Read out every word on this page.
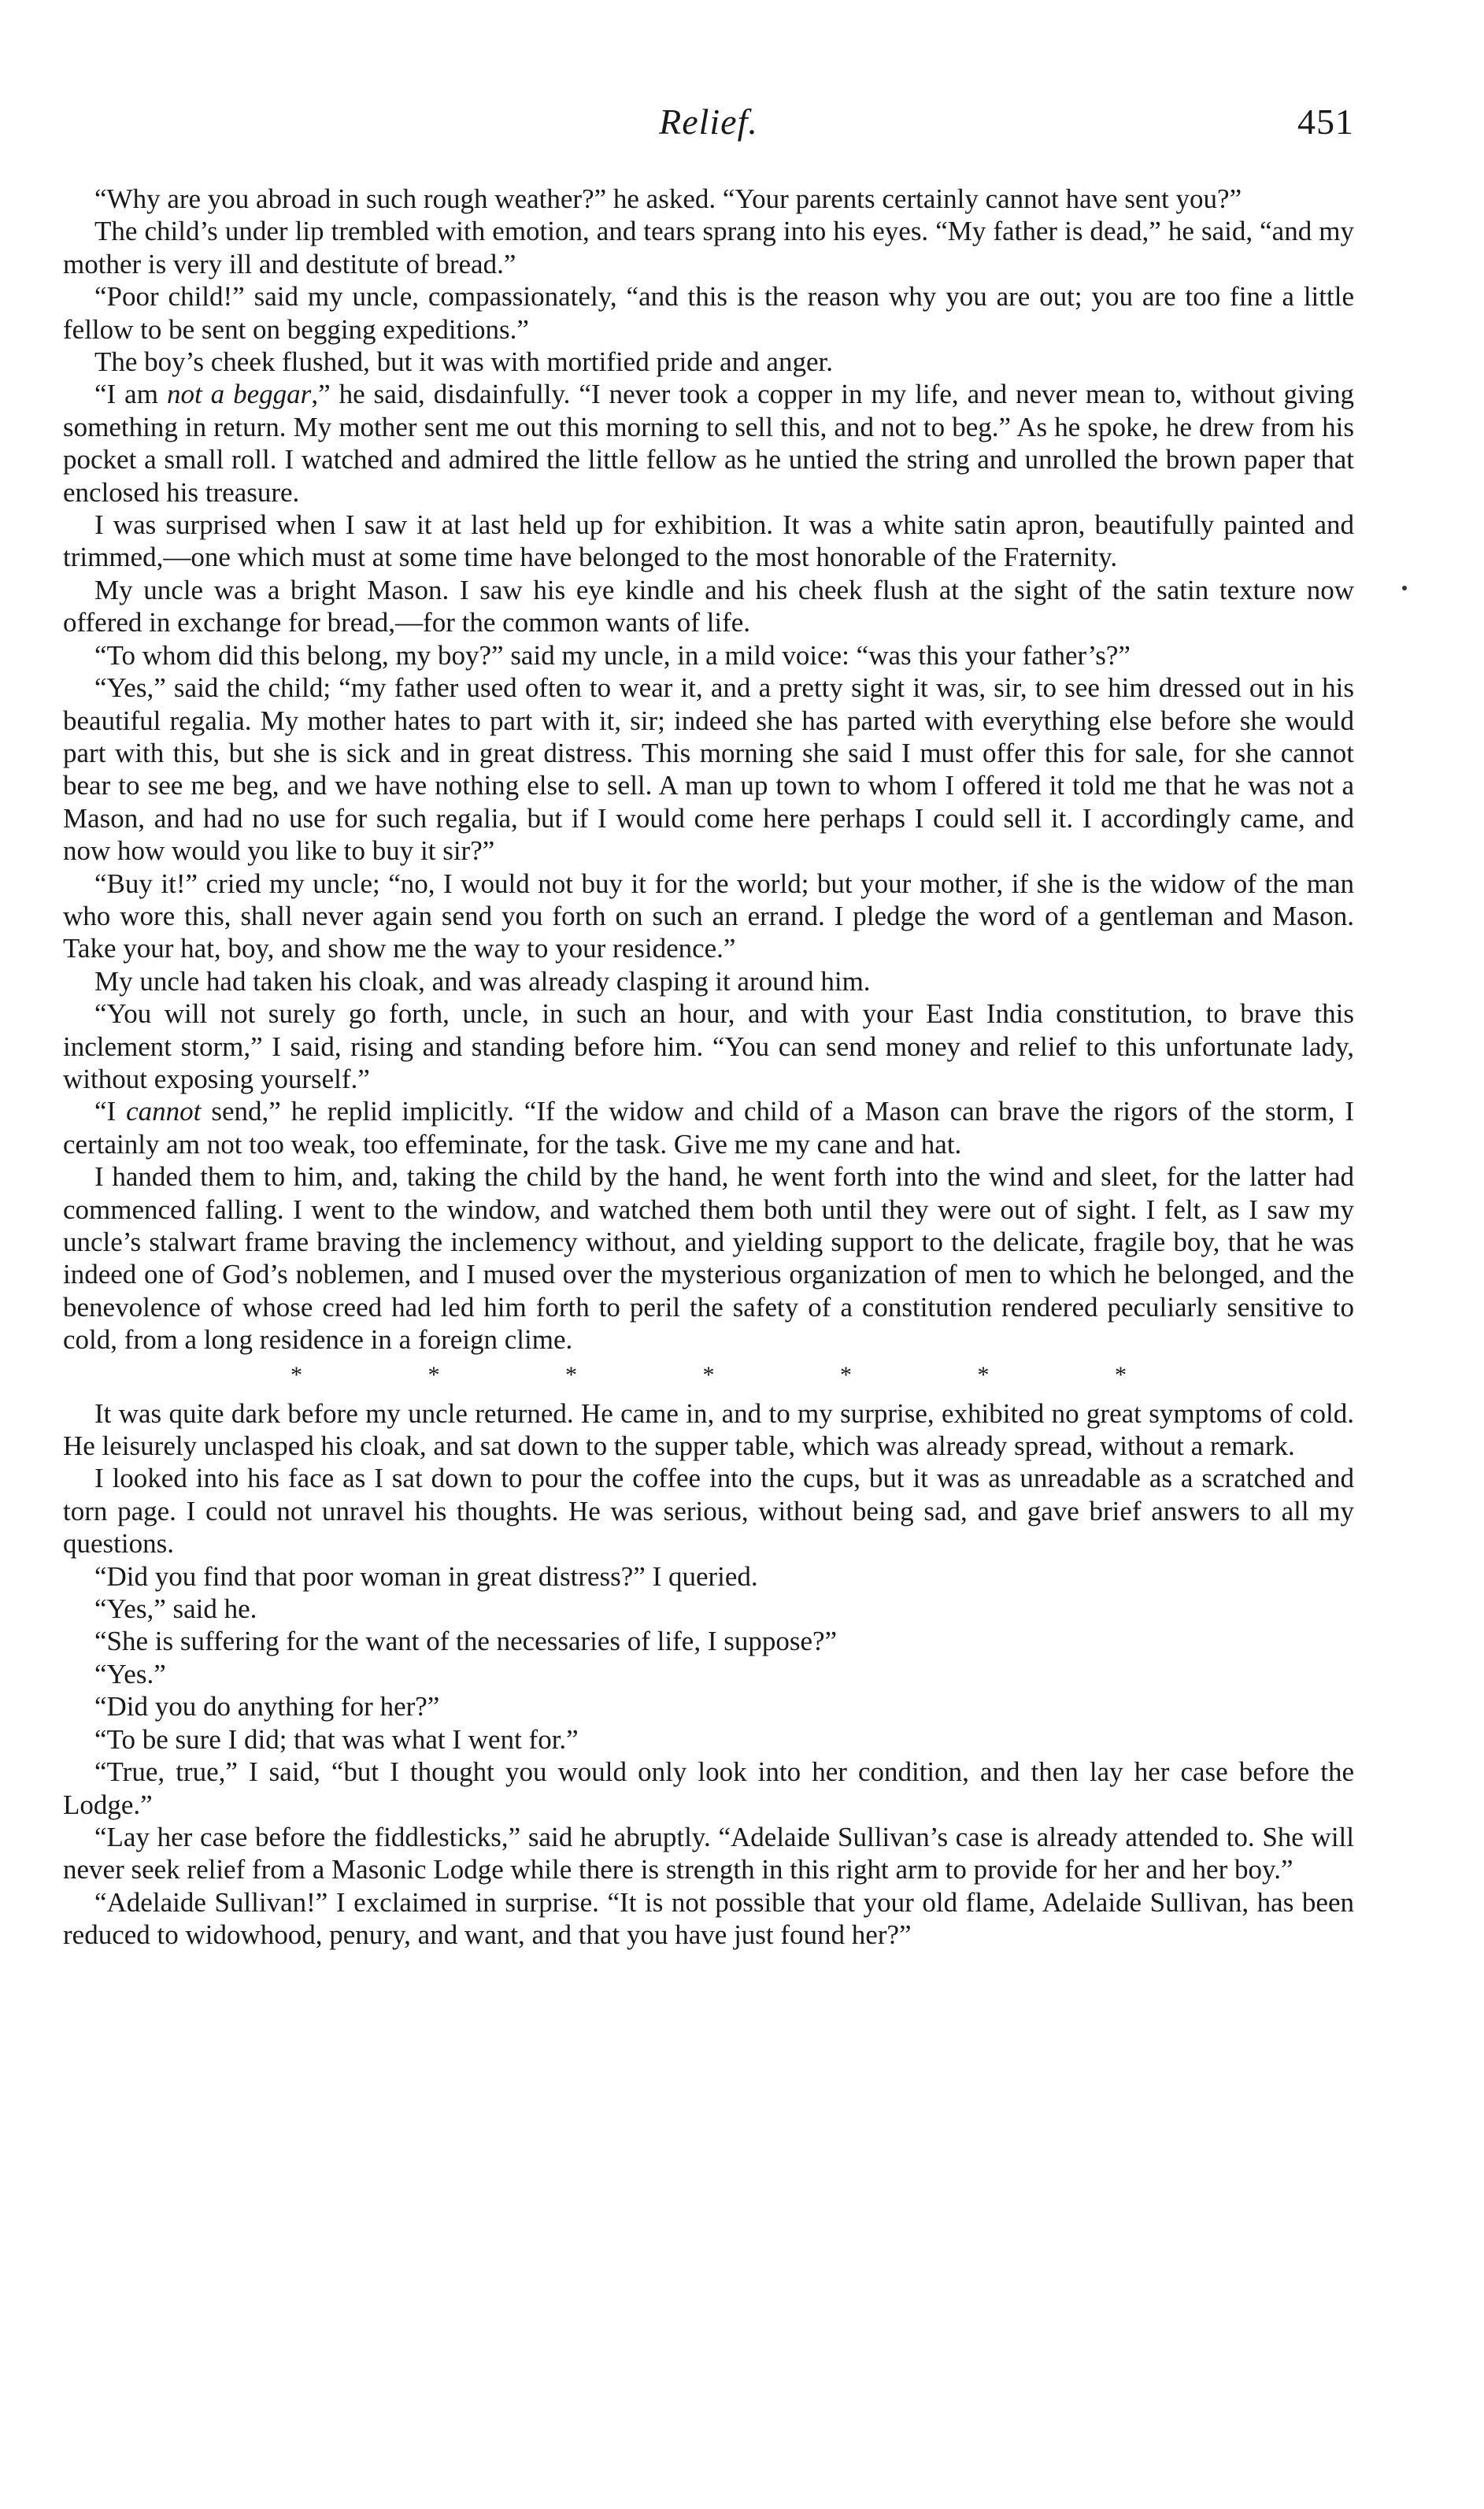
Relief.	451

“Why are you abroad in such rough weather?” he asked. “Your parents certainly cannot have sent you?”

The child’s under lip trembled with emotion, and tears sprang into his eyes. “My father is dead,” he said, “and my mother is very ill and destitute of bread.”

“Poor child!” said my uncle, compassionately, “and this is the reason why you are out; you are too fine a little fellow to be sent on begging expeditions.”

The boy’s cheek flushed, but it was with mortified pride and anger.

“I am not a beggar,” he said, disdainfully. “I never took a copper in my life, and never mean to, without giving something in return. My mother sent me out this morning to sell this, and not to beg.” As he spoke, he drew from his pocket a small roll. I watched and admired the little fellow as he untied the string and unrolled the brown paper that enclosed his treasure.

I was surprised when I saw it at last held up for exhibition. It was a white satin apron, beautifully painted and trimmed,—one which must at some time have belonged to the most honorable of the Fraternity.

My uncle was a bright Mason. I saw his eye kindle and his cheek flush at the sight of the satin texture now offered in exchange for bread,—for the common wants of life.

“To whom did this belong, my boy?” said my uncle, in a mild voice: “was this your father’s?”

“Yes,” said the child; “my father used often to wear it, and a pretty sight it was, sir, to see him dressed out in his beautiful regalia. My mother hates to part with it, sir; indeed she has parted with everything else before she would part with this, but she is sick and in great distress. This morning she said I must offer this for sale, for she cannot bear to see me beg, and we have nothing else to sell. A man up town to whom I offered it told me that he was not a Mason, and had no use for such regalia, but if I would come here perhaps I could sell it. I accordingly came, and now how would you like to buy it sir?”

“Buy it!” cried my uncle; “no, I would not buy it for the world; but your mother, if she is the widow of the man who wore this, shall never again send you forth on such an errand. I pledge the word of a gentleman and Mason. Take your hat, boy, and show me the way to your residence.”

My uncle had taken his cloak, and was already clasping it around him.

“You will not surely go forth, uncle, in such an hour, and with your East India constitution, to brave this inclement storm,” I said, rising and standing before him. “You can send money and relief to this unfortunate lady, without exposing yourself.”

“I cannot send,” he replid implicitly. “If the widow and child of a Mason can brave the rigors of the storm, I certainly am not too weak, too effeminate, for the task. Give me my cane and hat.

I handed them to him, and, taking the child by the hand, he went forth into the wind and sleet, for the latter had commenced falling. I went to the window, and watched them both until they were out of sight. I felt, as I saw my uncle’s stalwart frame braving the inclemency without, and yielding support to the delicate, fragile boy, that he was indeed one of God’s noblemen, and I mused over the mysterious organization of men to which he belonged, and the benevolence of whose creed had led him forth to peril the safety of a constitution rendered peculiarly sensitive to cold, from a long residence in a foreign clime.

* * * * * * *

It was quite dark before my uncle returned. He came in, and to my surprise, exhibited no great symptoms of cold. He leisurely unclasped his cloak, and sat down to the supper table, which was already spread, without a remark.

I looked into his face as I sat down to pour the coffee into the cups, but it was as unreadable as a scratched and torn page. I could not unravel his thoughts. He was serious, without being sad, and gave brief answers to all my questions.

“Did you find that poor woman in great distress?” I queried.

“Yes,” said he.

“She is suffering for the want of the necessaries of life, I suppose?”

“Yes.”

“Did you do anything for her?”

“To be sure I did; that was what I went for.”

“True, true,” I said, “but I thought you would only look into her condition, and then lay her case before the Lodge.”

“Lay her case before the fiddlesticks,” said he abruptly. “Adelaide Sullivan’s case is already attended to. She will never seek relief from a Masonic Lodge while there is strength in this right arm to provide for her and her boy.”

“Adelaide Sullivan!” I exclaimed in surprise. “It is not possible that your old flame, Adelaide Sullivan, has been reduced to widowhood, penury, and want, and that you have just found her?”
